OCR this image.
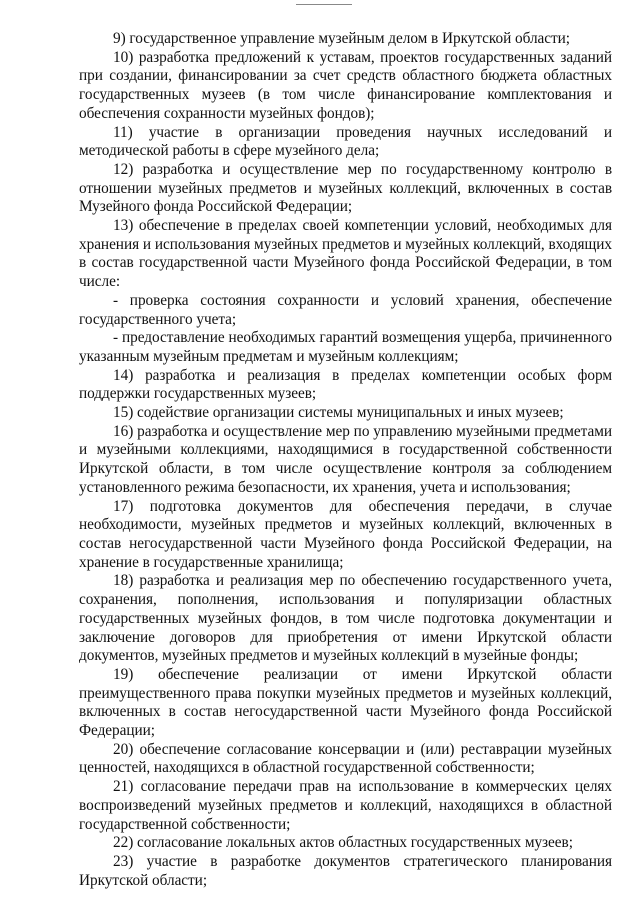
9) государственное управление музейным делом в Иркутской области;

10) разработка предложений к уставам, проектов государственных заданий при создании, финансировании за счет средств областного бюджета областных государственных музеев (в том числе финансирование комплектования и обеспечения сохранности музейных фондов);

11) участие в организации проведения научных исследований и методической работы в сфере музейного дела;

12) разработка и осуществление мер по государственному контролю в отношении музейных предметов и музейных коллекций, включенных в состав Музейного фонда Российской Федерации;

13) обеспечение в пределах своей компетенции условий, необходимых для хранения и использования музейных предметов и музейных коллекций, входящих в состав государственной части Музейного фонда Российской Федерации, в том числе:

- проверка состояния сохранности и условий хранения, обеспечение государственного учета;

- предоставление необходимых гарантий возмещения ущерба, причиненного указанным музейным предметам и музейным коллекциям;

14) разработка и реализация в пределах компетенции особых форм поддержки государственных музеев;

15) содействие организации системы муниципальных и иных музеев;

16) разработка и осуществление мер по управлению музейными предметами и музейными коллекциями, находящимися в государственной собственности Иркутской области, в том числе осуществление контроля за соблюдением установленного режима безопасности, их хранения, учета и использования;

17) подготовка документов для обеспечения передачи, в случае необходимости, музейных предметов и музейных коллекций, включенных в состав негосударственной части Музейного фонда Российской Федерации, на хранение в государственные хранилища;

18) разработка и реализация мер по обеспечению государственного учета, сохранения, пополнения, использования и популяризации областных государственных музейных фондов, в том числе подготовка документации и заключение договоров для приобретения от имени Иркутской области документов, музейных предметов и музейных коллекций в музейные фонды;

19) обеспечение реализации от имени Иркутской области преимущественного права покупки музейных предметов и музейных коллекций, включенных в состав негосударственной части Музейного фонда Российской Федерации;

20) обеспечение согласование консервации и (или) реставрации музейных ценностей, находящихся в областной государственной собственности;

21) согласование передачи прав на использование в коммерческих целях воспроизведений музейных предметов и коллекций, находящихся в областной государственной собственности;

22) согласование локальных актов областных государственных музеев;

23) участие в разработке документов стратегического планирования Иркутской области;
